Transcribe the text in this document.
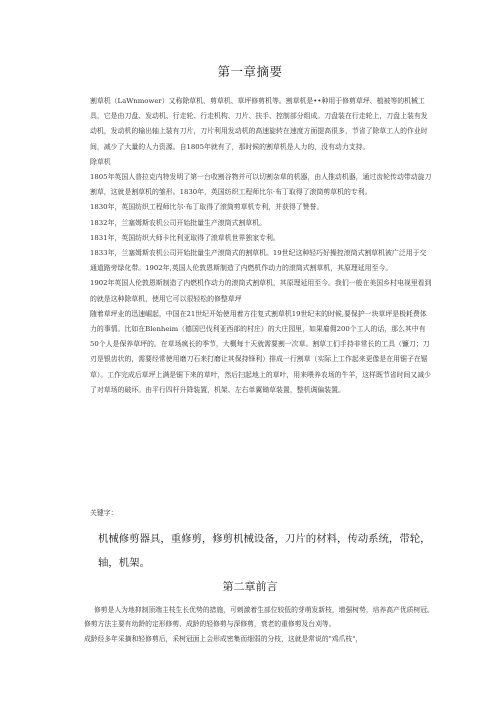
第一章摘要

割草机（LaWnmower）又称除草机、剪草机、草坪修剪机等。割草机是••种用于修剪草坪、植被等的机械工具，它是由刀盘、发动机、行走轮、行走机构、刀片、扶手、控制部分组成。刀盘装在行走轮上，刀盘上装有发动机，发动机的输出轴上装有刀片，刀片利用发动机的高速旋转在速度方面提高很多，节省了除草工人的作业时间，减少了大量的人力资源。自1805年就有了，那时候的割草机是人力的，没有动力支持。

除草机

1805年英国人普拉克内特发明了第一台收割谷物并可以切割杂草的机器，由人推动机器，通过齿轮传动带动旋刀割草，这就是割草机的雏形。1830年，英国纺织工程师比尔·布丁取得了滚筒剪草机的专利。

1830年，英国纺织工程师比尔·布丁取得了滚筒剪草机专利，并获得了赞誉。

1832年，兰塞姆斯农机公司开始批量生产滚筒式割草机。

1831年，英国纺织大师卡比利亚取得了滚草机世界独家专利。

1833年，兰塞姆斯农机公司开始批量生产滚筒式的割草机。19世纪这种轻巧好操控滚筒式割草机被广泛用于交通道路旁绿化带。1902年,英国人伦敦恩斯制造了内燃机作动力的滚筒式割草机，其原理延用至今。

1902年英国人伦敦恩斯制造了内燃机作动力的滚筒式割草机，其原理延用至今。我们一般在美国乡村电视里看到的就是这种除草机，使用它可以很轻松的修整草坪

随着草坪业的迅速崛起，中国在21世纪开始使用着方往复式割草机19世纪末的时候,要保护一块草坪是极耗费体力的事情。比如在Blenheim（德国巴伐利亚西部的村庄）的大庄园里，如果雇佣200个工人的话，那么其中有50个人是保养草坪的。在草场疯长的季节，大概每十天就需要割一次草。割草工们手持非常长的工具（镰刀；刀刃是银齿状的，需要经常使用磨刀石来打磨让其保持锋利）排成一行割草（实际上工作起来更像是在用锯子在锯草）。工作完成后草坪上满是锯下来的草叶，然后扫起地上的草叶，用来喂养农场的牛羊，这样既节省时间又减少了对草场的破坏。由平行四杆升降装置，机架、左右单翼锄草装置，整机调偏装置。

关键字：
机械修剪器具，重修剪，修剪机械设备，刀片的材料，传动系统，带轮，轴，机架。
第二章前言

修剪是人为地抑制顶端主枝生长优势的措施，可刺激着生部位较低的芽萌发新枝，增强树势，培养高产优质树冠。修剪方法主要有幼龄的定形修剪、成龄的轻修剪与深修剪，衰老的重修剪及台刈等。

成龄经多年采摘和轻修剪后，采树冠面上会形成密集而细弱的分枝，这就是常说的"鸡爪枝"，
